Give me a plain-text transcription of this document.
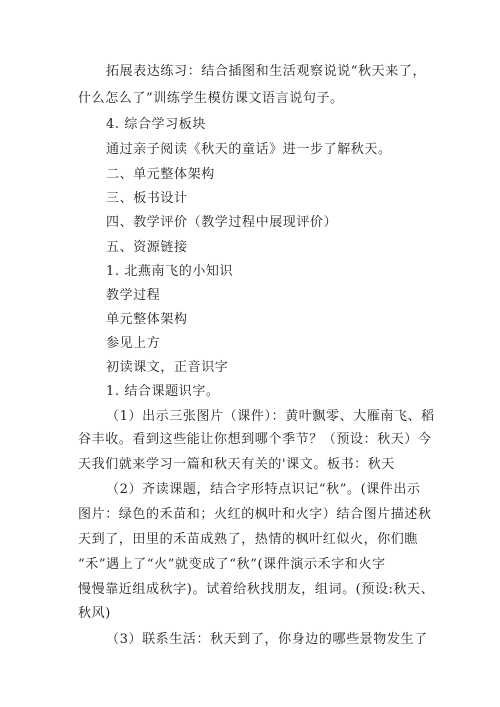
拓展表达练习：结合插图和生活观察说说“秋天来了，
什么怎么了”训练学生模仿课文语言说句子。
4. 综合学习板块
通过亲子阅读《秋天的童话》进一步了解秋天。
二、单元整体架构
三、板书设计
四、教学评价（教学过程中展现评价）
五、资源链接
1. 北燕南飞的小知识
教学过程
单元整体架构
参见上方
初读课文，正音识字
1. 结合课题识字。
（1）出示三张图片（课件）：黄叶飘零、大雁南飞、稻
谷丰收。看到这些能让你想到哪个季节？（预设：秋天）今
天我们就来学习一篇和秋天有关的'课文。板书：秋天
（2）齐读课题，结合字形特点识记“秋”。(课件出示
图片：绿色的禾苗和；火红的枫叶和火字）结合图片描述秋
天到了，田里的禾苗成熟了，热情的枫叶红似火，你们瞧
“禾”遇上了“火”就变成了“秋”(课件演示禾字和火字
慢慢靠近组成秋字)。试着给秋找朋友，组词。(预设:秋天、
秋风)
（3）联系生活：秋天到了，你身边的哪些景物发生了
